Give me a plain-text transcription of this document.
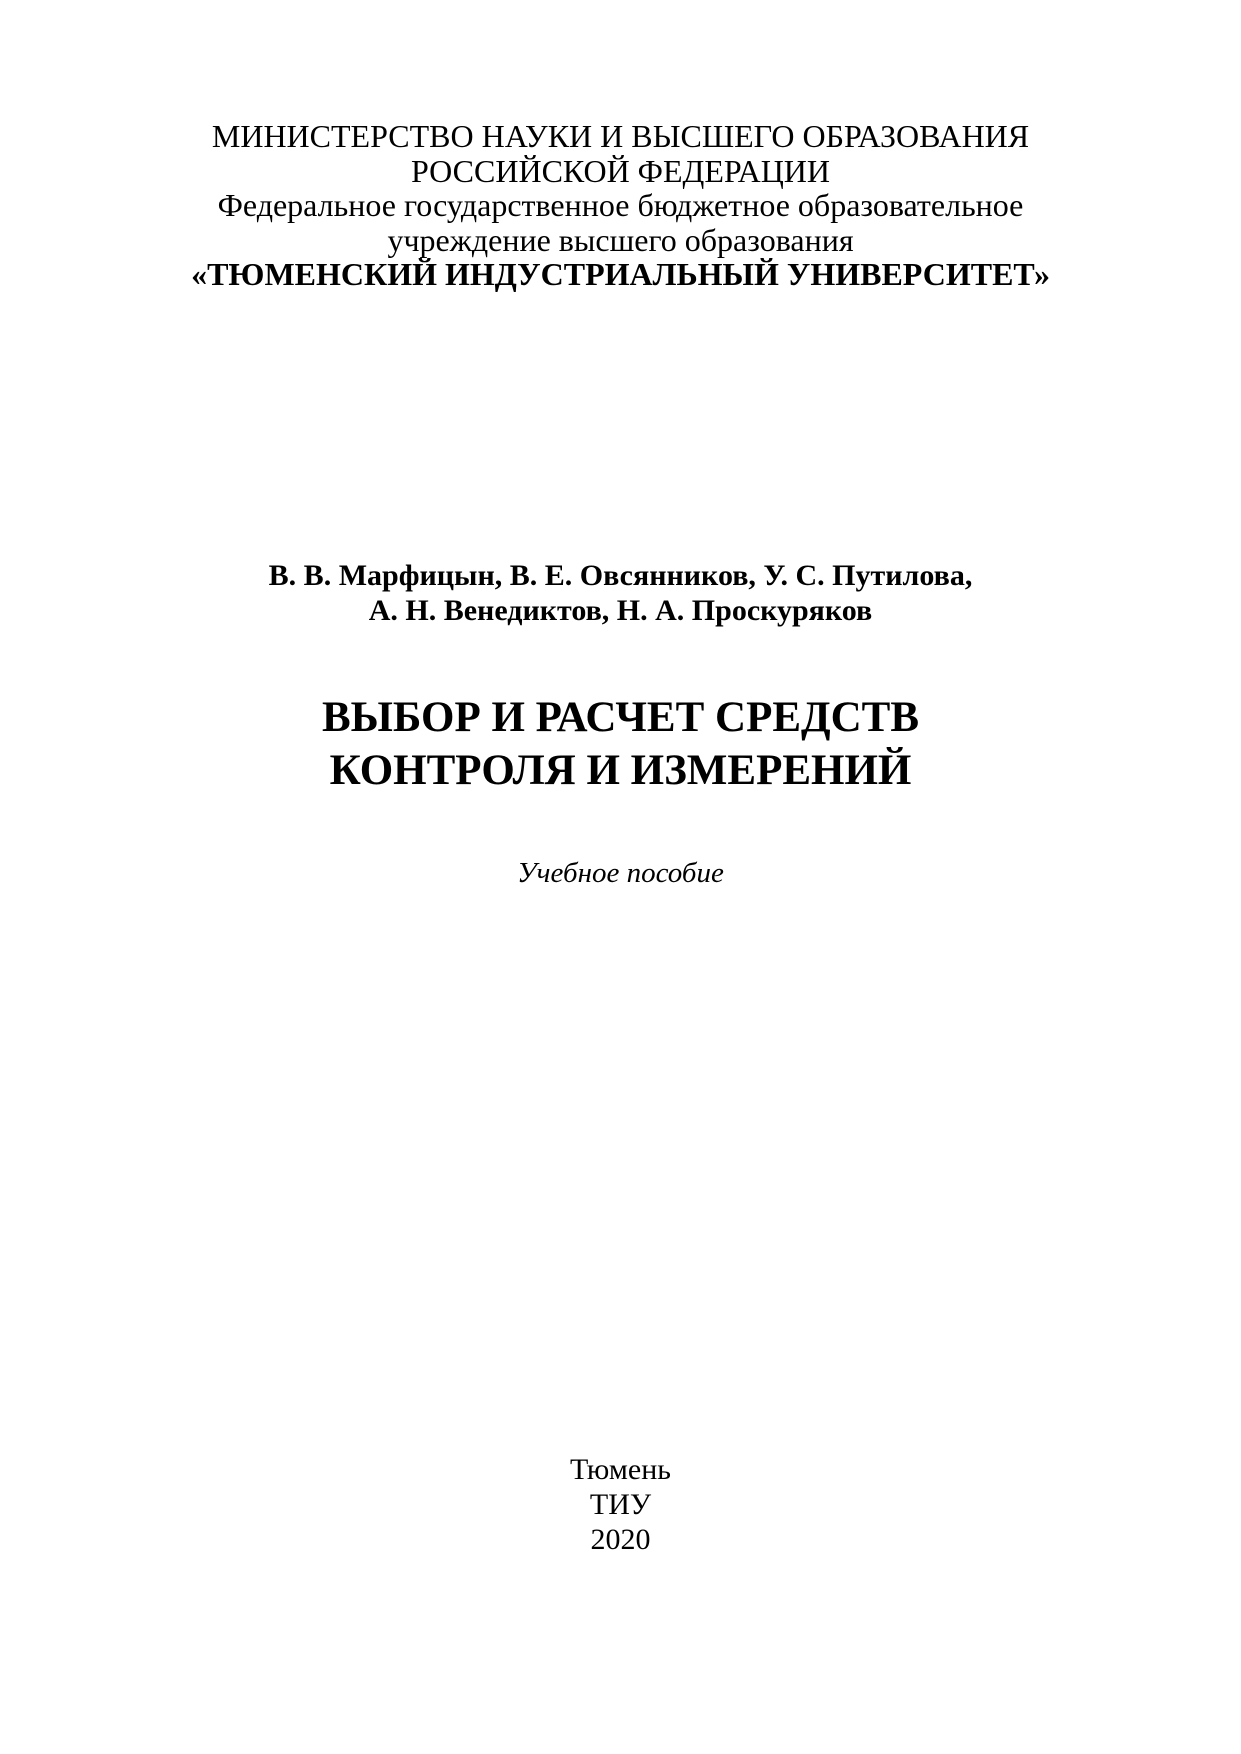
МИНИСТЕРСТВО НАУКИ И ВЫСШЕГО ОБРАЗОВАНИЯ
РОССИЙСКОЙ ФЕДЕРАЦИИ
Федеральное государственное бюджетное образовательное
учреждение высшего образования
«ТЮМЕНСКИЙ ИНДУСТРИАЛЬНЫЙ УНИВЕРСИТЕТ»
В. В. Марфицын, В. Е. Овсянников, У. С. Путилова,
А. Н. Венедиктов, Н. А. Проскуряков
ВЫБОР И РАСЧЕТ СРЕДСТВ
КОНТРОЛЯ И ИЗМЕРЕНИЙ
Учебное пособие
Тюмень
ТИУ
2020
